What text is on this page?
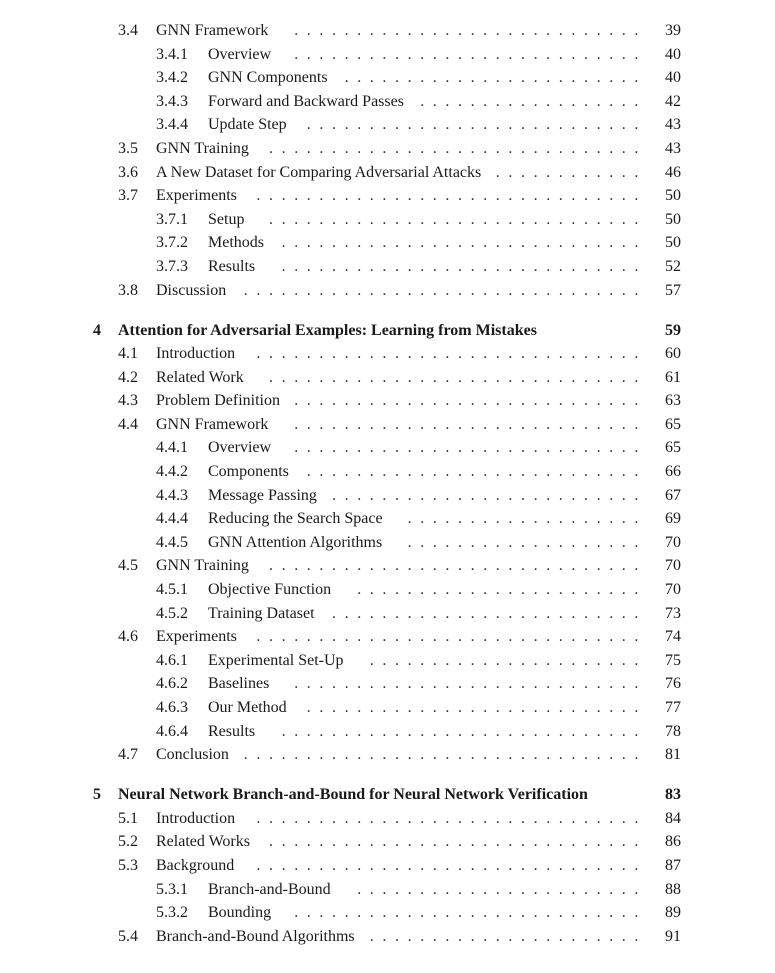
3.4	GNN Framework	............................	39
3.4.1	Overview	............................	40
3.4.2	GNN Components	........................	40
3.4.3	Forward and Backward Passes	..................	42
3.4.4	Update Step	...........................	43
3.5	GNN Training	..............................	43
3.6	A New Dataset for Comparing Adversarial Attacks ............	46
3.7	Experiments	...............................	50
3.7.1	Setup	..............................	50
3.7.2	Methods	.............................	50
3.7.3	Results	.............................	52
3.8	Discussion	................................	57
4	Attention for Adversarial Examples: Learning from Mistakes	59
4.1	Introduction	...............................	60
4.2	Related Work	..............................	61
4.3	Problem Definition ............................	63
4.4	GNN Framework	............................	65
4.4.1	Overview	............................	65
4.4.2	Components	...........................	66
4.4.3	Message Passing .........................	67
4.4.4	Reducing the Search Space	...................	69
4.4.5	GNN Attention Algorithms	...................	70
4.5	GNN Training	..............................	70
4.5.1	Objective Function	.......................	70
4.5.2	Training Dataset	.........................	73
4.6	Experiments	...............................	74
4.6.1	Experimental Set-Up	......................	75
4.6.2	Baselines	............................	76
4.6.3	Our Method	...........................	77
4.6.4	Results	.............................	78
4.7	Conclusion ................................	81
5	Neural Network Branch-and-Bound for Neural Network Verification	83
5.1	Introduction	...............................	84
5.2	Related Works	..............................	86
5.3	Background	...............................	87
5.3.1	Branch-and-Bound	.......................	88
5.3.2	Bounding	............................	89
5.4	Branch-and-Bound Algorithms ......................	91
